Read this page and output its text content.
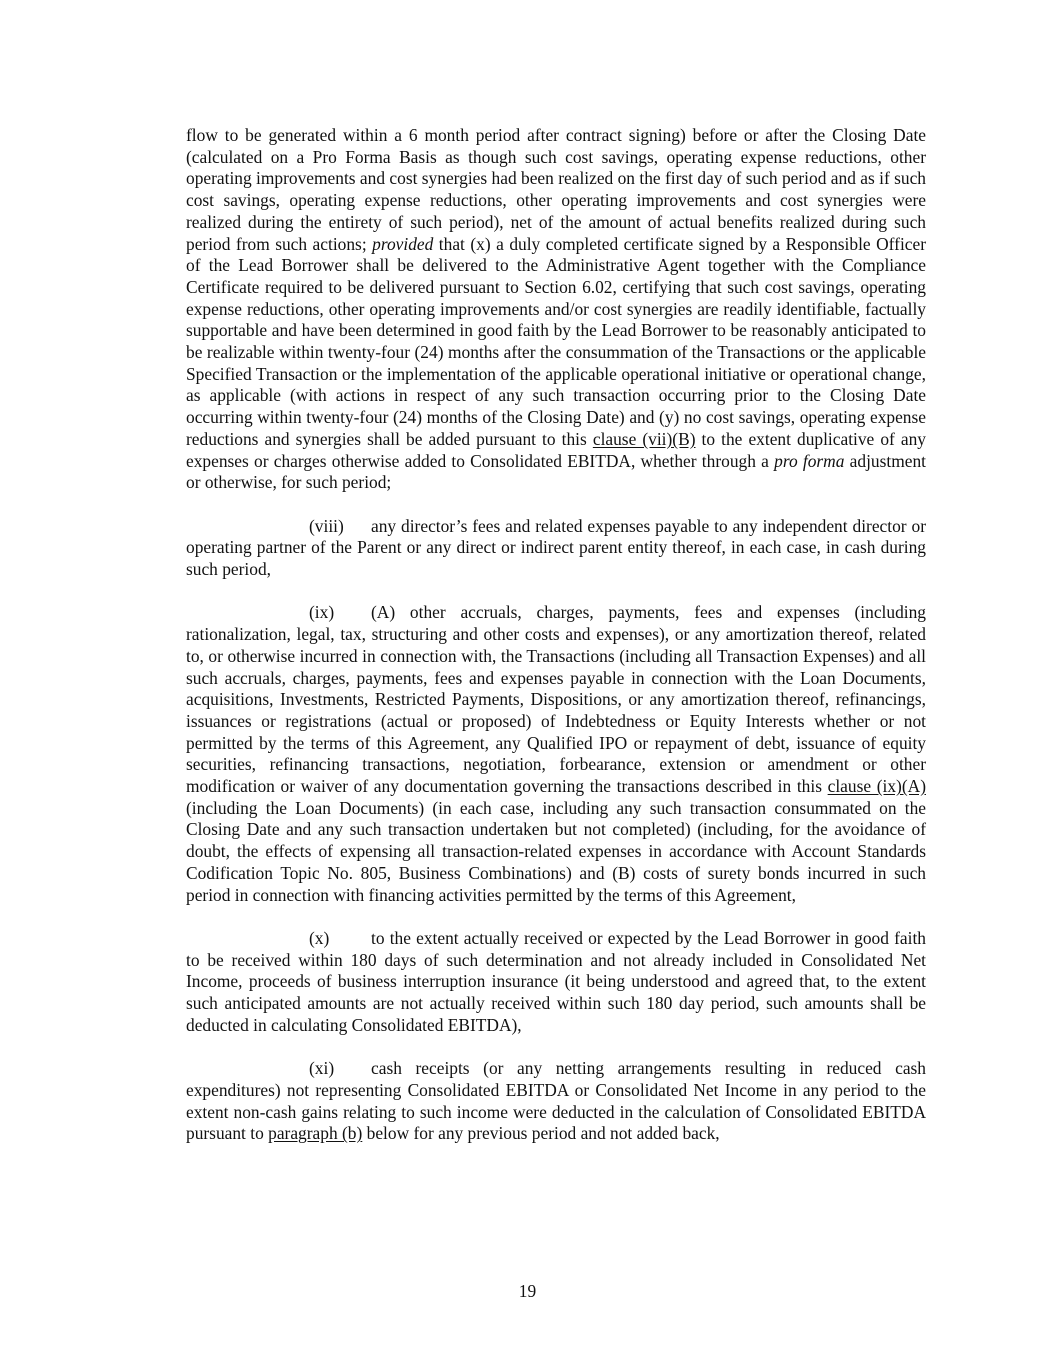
flow to be generated within a 6 month period after contract signing) before or after the Closing Date (calculated on a Pro Forma Basis as though such cost savings, operating expense reductions, other operating improvements and cost synergies had been realized on the first day of such period and as if such cost savings, operating expense reductions, other operating improvements and cost synergies were realized during the entirety of such period), net of the amount of actual benefits realized during such period from such actions; provided that (x) a duly completed certificate signed by a Responsible Officer of the Lead Borrower shall be delivered to the Administrative Agent together with the Compliance Certificate required to be delivered pursuant to Section 6.02, certifying that such cost savings, operating expense reductions, other operating improvements and/or cost synergies are readily identifiable, factually supportable and have been determined in good faith by the Lead Borrower to be reasonably anticipated to be realizable within twenty-four (24) months after the consummation of the Transactions or the applicable Specified Transaction or the implementation of the applicable operational initiative or operational change, as applicable (with actions in respect of any such transaction occurring prior to the Closing Date occurring within twenty-four (24) months of the Closing Date) and (y) no cost savings, operating expense reductions and synergies shall be added pursuant to this clause (vii)(B) to the extent duplicative of any expenses or charges otherwise added to Consolidated EBITDA, whether through a pro forma adjustment or otherwise, for such period;

(viii) any director’s fees and related expenses payable to any independent director or operating partner of the Parent or any direct or indirect parent entity thereof, in each case, in cash during such period,

(ix) (A) other accruals, charges, payments, fees and expenses (including rationalization, legal, tax, structuring and other costs and expenses), or any amortization thereof, related to, or otherwise incurred in connection with, the Transactions (including all Transaction Expenses) and all such accruals, charges, payments, fees and expenses payable in connection with the Loan Documents, acquisitions, Investments, Restricted Payments, Dispositions, or any amortization thereof, refinancings, issuances or registrations (actual or proposed) of Indebtedness or Equity Interests whether or not permitted by the terms of this Agreement, any Qualified IPO or repayment of debt, issuance of equity securities, refinancing transactions, negotiation, forbearance, extension or amendment or other modification or waiver of any documentation governing the transactions described in this clause (ix)(A) (including the Loan Documents) (in each case, including any such transaction consummated on the Closing Date and any such transaction undertaken but not completed) (including, for the avoidance of doubt, the effects of expensing all transaction-related expenses in accordance with Account Standards Codification Topic No. 805, Business Combinations) and (B) costs of surety bonds incurred in such period in connection with financing activities permitted by the terms of this Agreement,

(x) to the extent actually received or expected by the Lead Borrower in good faith to be received within 180 days of such determination and not already included in Consolidated Net Income, proceeds of business interruption insurance (it being understood and agreed that, to the extent such anticipated amounts are not actually received within such 180 day period, such amounts shall be deducted in calculating Consolidated EBITDA),

(xi) cash receipts (or any netting arrangements resulting in reduced cash expenditures) not representing Consolidated EBITDA or Consolidated Net Income in any period to the extent non-cash gains relating to such income were deducted in the calculation of Consolidated EBITDA pursuant to paragraph (b) below for any previous period and not added back,

19
